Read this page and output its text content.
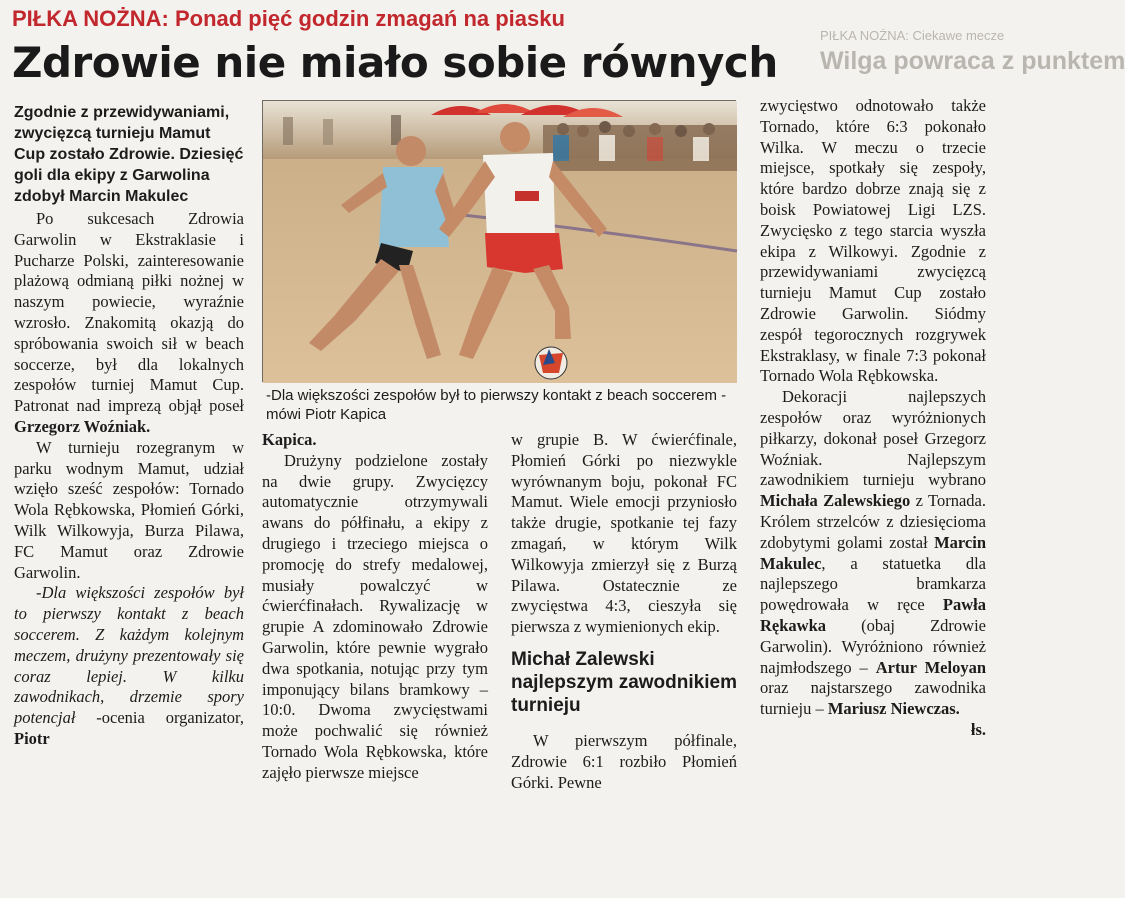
PIŁKA NOŻNA: Ciekawe mecze
Wilga powraca z punktem
PIŁKA NOŻNA: Ponad pięć godzin zmagań na piasku
Zdrowie nie miało sobie równych

Zgodnie z przewidywaniami, zwycięzcą turnieju Mamut Cup zostało Zdrowie. Dziesięć goli dla ekipy z Garwolina zdobył Marcin Makulec

Po sukcesach Zdrowia Garwolin w Ekstraklasie i Pucharze Polski, zainteresowanie plażową odmianą piłki nożnej w naszym powiecie, wyraźnie wzrosło. Znakomitą okazją do spróbowania swoich sił w beach soccerze, był dla lokalnych zespołów turniej Mamut Cup. Patronat nad imprezą objął poseł Grzegorz Woźniak.

W turnieju rozegranym w parku wodnym Mamut, udział wzięło sześć zespołów: Tornado Wola Rębkowska, Płomień Górki, Wilk Wilkowyja, Burza Pilawa, FC Mamut oraz Zdrowie Garwolin.

-Dla większości zespołów był to pierwszy kontakt z beach soccerem. Z każdym kolejnym meczem, drużyny prezentowały się coraz lepiej. W kilku zawodnikach, drzemie spory potencjał -ocenia organizator, Piotr

-Dla większości zespołów był to pierwszy kontakt z beach soccerem -mówi Piotr Kapica

Kapica.

Drużyny podzielone zostały na dwie grupy. Zwycięzcy automatycznie otrzymywali awans do półfinału, a ekipy z drugiego i trzeciego miejsca o promocję do strefy medalowej, musiały powalczyć w ćwierćfinałach. Rywalizację w grupie A zdominowało Zdrowie Garwolin, które pewnie wygrało dwa spotkania, notując przy tym imponujący bilans bramkowy – 10:0. Dwoma zwycięstwami może pochwalić się również Tornado Wola Rębkowska, które zajęło pierwsze miejsce

w grupie B. W ćwierćfinale, Płomień Górki po niezwykle wyrównanym boju, pokonał FC Mamut. Wiele emocji przyniosło także drugie, spotkanie tej fazy zmagań, w którym Wilk Wilkowyja zmierzył się z Burzą Pilawa. Ostatecznie ze zwycięstwa 4:3, cieszyła się pierwsza z wymienionych ekip.

Michał Zalewski najlepszym zawodnikiem turnieju

W pierwszym półfinale, Zdrowie 6:1 rozbiło Płomień Górki. Pewne

zwycięstwo odnotowało także Tornado, które 6:3 pokonało Wilka. W meczu o trzecie miejsce, spotkały się zespoły, które bardzo dobrze znają się z boisk Powiatowej Ligi LZS. Zwycięsko z tego starcia wyszła ekipa z Wilkowyi. Zgodnie z przewidywaniami zwycięzcą turnieju Mamut Cup zostało Zdrowie Garwolin. Siódmy zespół tegorocznych rozgrywek Ekstraklasy, w finale 7:3 pokonał Tornado Wola Rębkowska.

Dekoracji najlepszych zespołów oraz wyróżnionych piłkarzy, dokonał poseł Grzegorz Woźniak. Najlepszym zawodnikiem turnieju wybrano Michała Zalewskiego z Tornada. Królem strzelców z dziesięcioma zdobytymi golami został Marcin Makulec, a statuetka dla najlepszego bramkarza powędrowała w ręce Pawła Rękawka (obaj Zdrowie Garwolin). Wyróżniono również najmłodszego – Artur Meloyan oraz najstarszego zawodnika turnieju – Mariusz Niewczas.

łs.
